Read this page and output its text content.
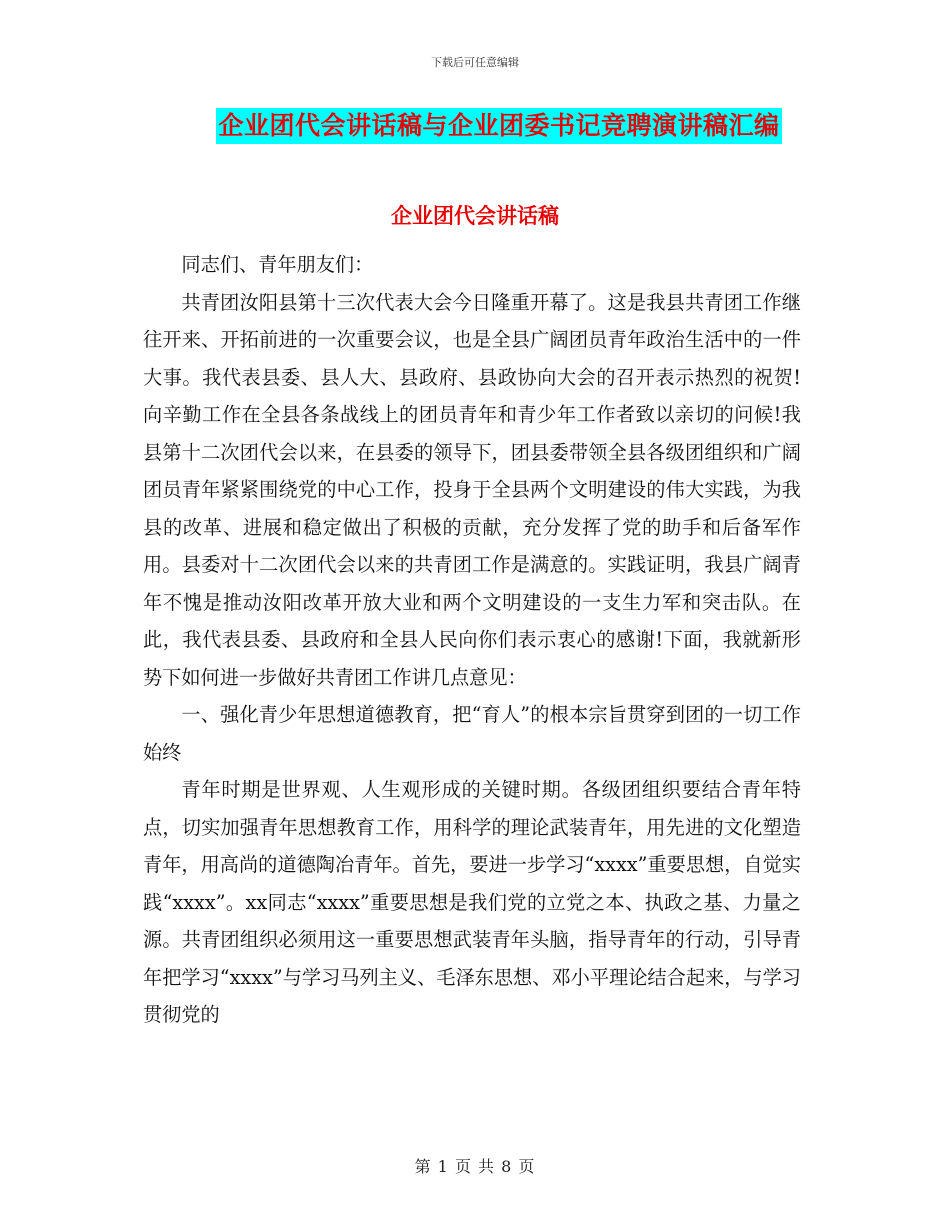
下载后可任意编辑
企业团代会讲话稿与企业团委书记竞聘演讲稿汇编
企业团代会讲话稿

同志们、青年朋友们：

共青团汝阳县第十三次代表大会今日隆重开幕了。这是我县共青团工作继往开来、开拓前进的一次重要会议，也是全县广阔团员青年政治生活中的一件大事。我代表县委、县人大、县政府、县政协向大会的召开表示热烈的祝贺!向辛勤工作在全县各条战线上的团员青年和青少年工作者致以亲切的问候!我县第十二次团代会以来，在县委的领导下，团县委带领全县各级团组织和广阔团员青年紧紧围绕党的中心工作，投身于全县两个文明建设的伟大实践，为我县的改革、进展和稳定做出了积极的贡献，充分发挥了党的助手和后备军作用。县委对十二次团代会以来的共青团工作是满意的。实践证明，我县广阔青年不愧是推动汝阳改革开放大业和两个文明建设的一支生力军和突击队。在此，我代表县委、县政府和全县人民向你们表示衷心的感谢!下面，我就新形势下如何进一步做好共青团工作讲几点意见：

一、强化青少年思想道德教育，把“育人”的根本宗旨贯穿到团的一切工作始终

青年时期是世界观、人生观形成的关键时期。各级团组织要结合青年特点，切实加强青年思想教育工作，用科学的理论武装青年，用先进的文化塑造青年，用高尚的道德陶冶青年。首先，要进一步学习“xxxx”重要思想，自觉实践“xxxx”。xx同志“xxxx”重要思想是我们党的立党之本、执政之基、力量之源。共青团组织必须用这一重要思想武装青年头脑，指导青年的行动，引导青年把学习“xxxx”与学习马列主义、毛泽东思想、邓小平理论结合起来，与学习贯彻党的

第 1 页 共 8 页
